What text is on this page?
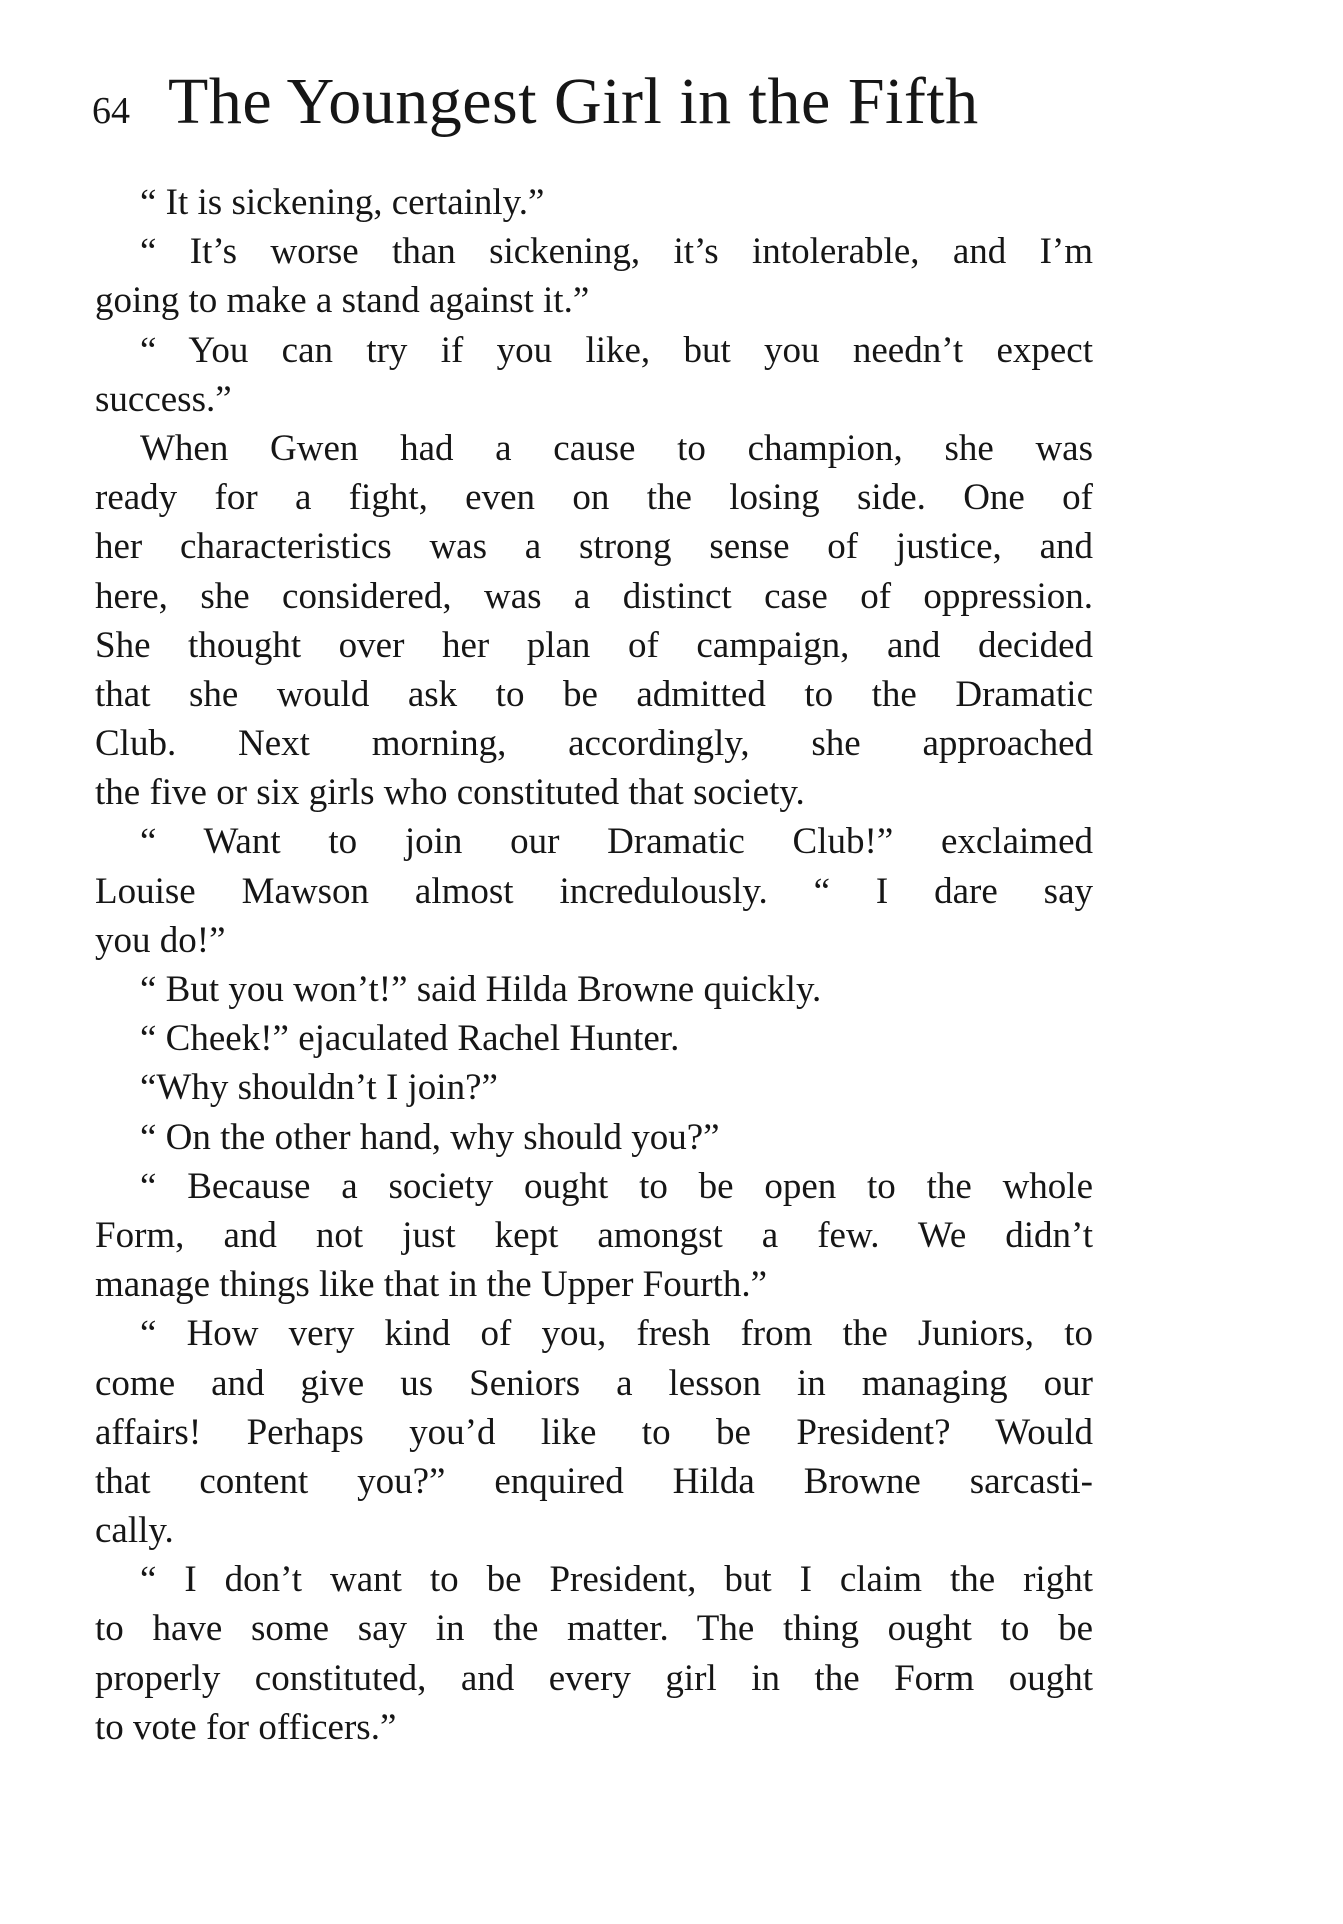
64 The Youngest Girl in the Fifth
“ It is sickening, certainly.”
“ It’s worse than sickening, it’s intolerable, and I’m
going to make a stand against it.”
“ You can try if you like, but you needn’t expect
success.”
When Gwen had a cause to champion, she was
ready for a fight, even on the losing side. One of
her characteristics was a strong sense of justice, and
here, she considered, was a distinct case of oppression.
She thought over her plan of campaign, and decided
that she would ask to be admitted to the Dramatic
Club. Next morning, accordingly, she approached
the five or six girls who constituted that society.
“ Want to join our Dramatic Club!” exclaimed
Louise Mawson almost incredulously. “ I dare say
you do!”
“ But you won’t!” said Hilda Browne quickly.
“ Cheek!” ejaculated Rachel Hunter.
“Why shouldn’t I join?”
“ On the other hand, why should you?”
“ Because a society ought to be open to the whole
Form, and not just kept amongst a few. We didn’t
manage things like that in the Upper Fourth.”
“ How very kind of you, fresh from the Juniors, to
come and give us Seniors a lesson in managing our
affairs! Perhaps you’d like to be President? Would
that content you?” enquired Hilda Browne sarcasti-
cally.
“ I don’t want to be President, but I claim the right
to have some say in the matter. The thing ought to be
properly constituted, and every girl in the Form ought
to vote for officers.”
